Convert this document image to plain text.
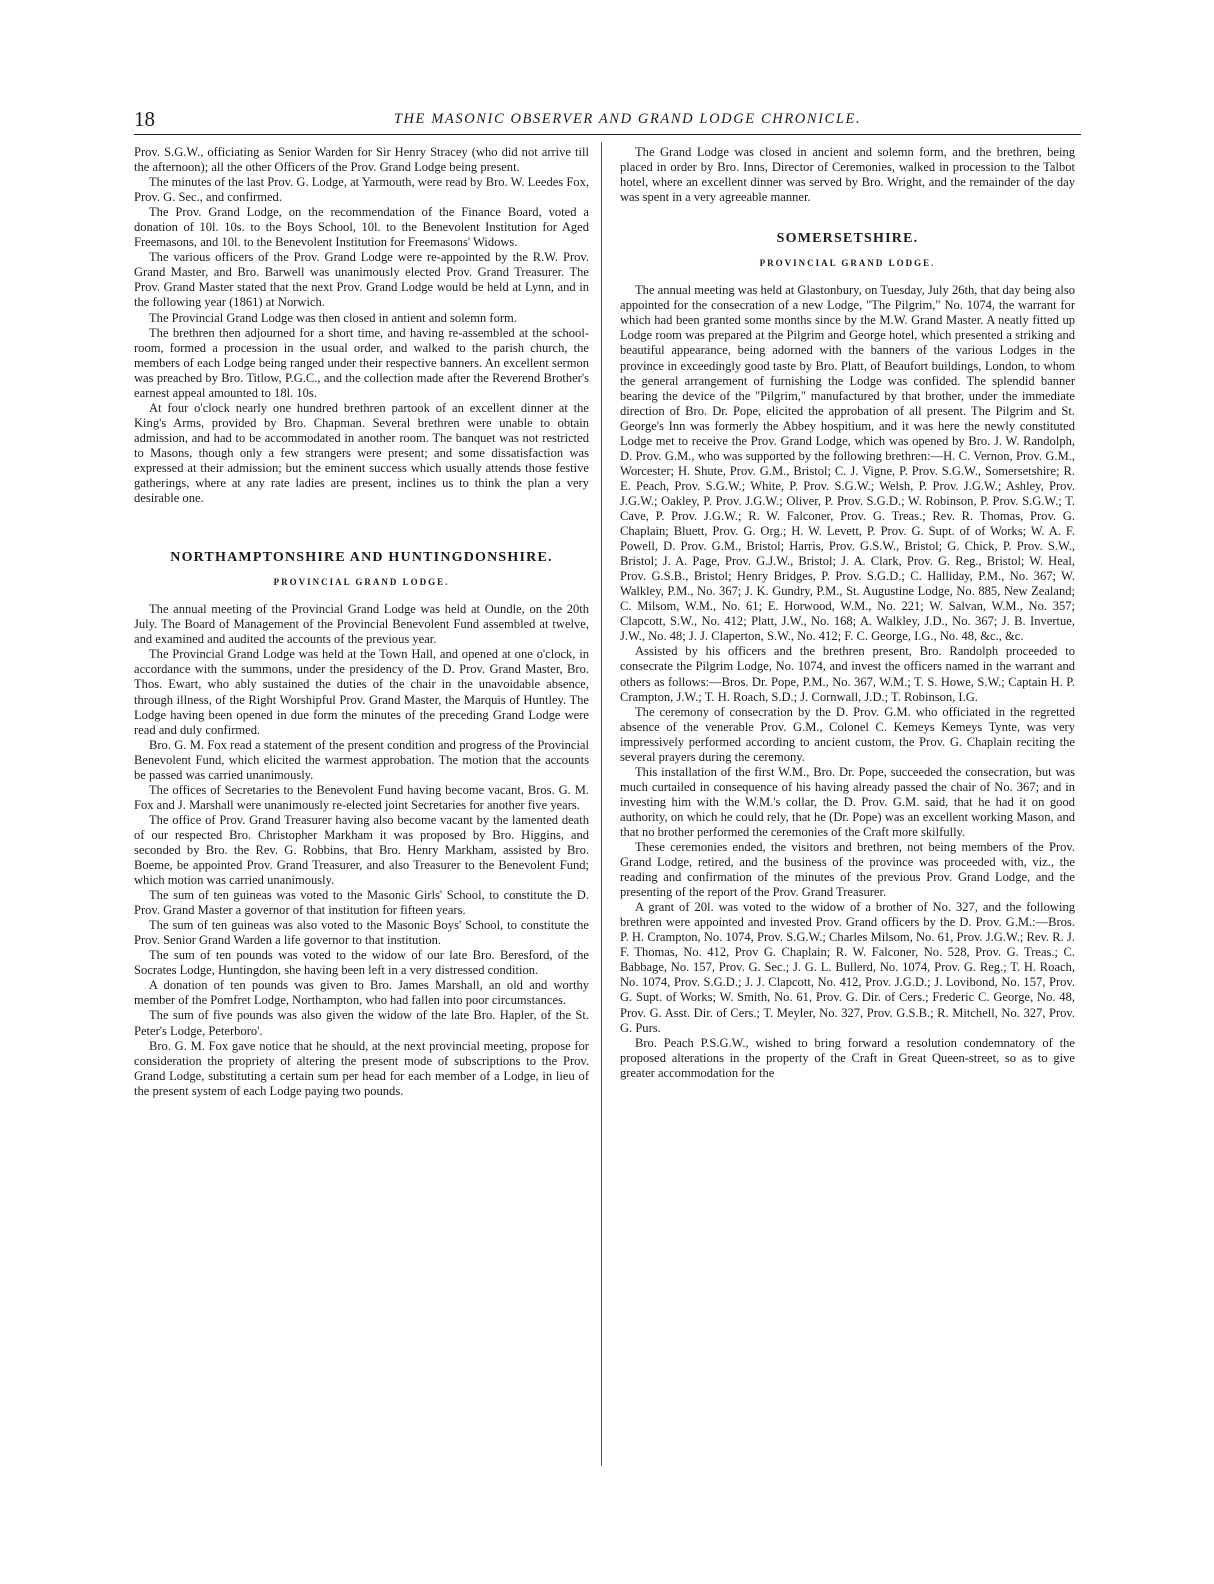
18	THE MASONIC OBSERVER AND GRAND LODGE CHRONICLE.

Prov. S.G.W., officiating as Senior Warden for Sir Henry Stracey (who did not arrive till the afternoon); all the other Officers of the Prov. Grand Lodge being present.

The minutes of the last Prov. G. Lodge, at Yarmouth, were read by Bro. W. Leedes Fox, Prov. G. Sec., and confirmed.

The Prov. Grand Lodge, on the recommendation of the Finance Board, voted a donation of 10l. 10s. to the Boys School, 10l. to the Benevolent Institution for Aged Freemasons, and 10l. to the Benevolent Institution for Freemasons' Widows.

The various officers of the Prov. Grand Lodge were re-appointed by the R.W. Prov. Grand Master, and Bro. Barwell was unanimously elected Prov. Grand Treasurer. The Prov. Grand Master stated that the next Prov. Grand Lodge would be held at Lynn, and in the following year (1861) at Norwich.

The Provincial Grand Lodge was then closed in antient and solemn form.

The brethren then adjourned for a short time, and having re-assembled at the school-room, formed a procession in the usual order, and walked to the parish church, the members of each Lodge being ranged under their respective banners. An excellent sermon was preached by Bro. Titlow, P.G.C., and the collection made after the Reverend Brother's earnest appeal amounted to 18l. 10s.

At four o'clock nearly one hundred brethren partook of an excellent dinner at the King's Arms, provided by Bro. Chapman. Several brethren were unable to obtain admission, and had to be accommodated in another room. The banquet was not restricted to Masons, though only a few strangers were present; and some dissatisfaction was expressed at their admission; but the eminent success which usually attends those festive gatherings, where at any rate ladies are present, inclines us to think the plan a very desirable one.

NORTHAMPTONSHIRE AND HUNTINGDONSHIRE.
PROVINCIAL GRAND LODGE.

The annual meeting of the Provincial Grand Lodge was held at Oundle, on the 20th July. The Board of Management of the Provincial Benevolent Fund assembled at twelve, and examined and audited the accounts of the previous year.

The Provincial Grand Lodge was held at the Town Hall, and opened at one o'clock, in accordance with the summons, under the presidency of the D. Prov. Grand Master, Bro. Thos. Ewart, who ably sustained the duties of the chair in the unavoidable absence, through illness, of the Right Worshipful Prov. Grand Master, the Marquis of Huntley. The Lodge having been opened in due form the minutes of the preceding Grand Lodge were read and duly confirmed.

Bro. G. M. Fox read a statement of the present condition and progress of the Provincial Benevolent Fund, which elicited the warmest approbation. The motion that the accounts be passed was carried unanimously.

The offices of Secretaries to the Benevolent Fund having become vacant, Bros. G. M. Fox and J. Marshall were unanimously re-elected joint Secretaries for another five years.

The office of Prov. Grand Treasurer having also become vacant by the lamented death of our respected Bro. Christopher Markham it was proposed by Bro. Higgins, and seconded by Bro. the Rev. G. Robbins, that Bro. Henry Markham, assisted by Bro. Boeme, be appointed Prov. Grand Treasurer, and also Treasurer to the Benevolent Fund; which motion was carried unanimously.

The sum of ten guineas was voted to the Masonic Girls' School, to constitute the D. Prov. Grand Master a governor of that institution for fifteen years.

The sum of ten guineas was also voted to the Masonic Boys' School, to constitute the Prov. Senior Grand Warden a life governor to that institution.

The sum of ten pounds was voted to the widow of our late Bro. Beresford, of the Socrates Lodge, Huntingdon, she having been left in a very distressed condition.

A donation of ten pounds was given to Bro. James Marshall, an old and worthy member of the Pomfret Lodge, Northampton, who had fallen into poor circumstances.

The sum of five pounds was also given the widow of the late Bro. Hapler, of the St. Peter's Lodge, Peterboro'.

Bro. G. M. Fox gave notice that he should, at the next provincial meeting, propose for consideration the propriety of altering the present mode of subscriptions to the Prov. Grand Lodge, substituting a certain sum per head for each member of a Lodge, in lieu of the present system of each Lodge paying two pounds.

The Grand Lodge was closed in ancient and solemn form, and the brethren, being placed in order by Bro. Inns, Director of Ceremonies, walked in procession to the Talbot hotel, where an excellent dinner was served by Bro. Wright, and the remainder of the day was spent in a very agreeable manner.

SOMERSETSHIRE.
PROVINCIAL GRAND LODGE.

The annual meeting was held at Glastonbury, on Tuesday, July 26th, that day being also appointed for the consecration of a new Lodge, "The Pilgrim," No. 1074, the warrant for which had been granted some months since by the M.W. Grand Master. A neatly fitted up Lodge room was prepared at the Pilgrim and George hotel, which presented a striking and beautiful appearance, being adorned with the banners of the various Lodges in the province in exceedingly good taste by Bro. Platt, of Beaufort buildings, London, to whom the general arrangement of furnishing the Lodge was confided. The splendid banner bearing the device of the "Pilgrim," manufactured by that brother, under the immediate direction of Bro. Dr. Pope, elicited the approbation of all present. The Pilgrim and St. George's Inn was formerly the Abbey hospitium, and it was here the newly constituted Lodge met to receive the Prov. Grand Lodge, which was opened by Bro. J. W. Randolph, D. Prov. G.M., who was supported by the following brethren:—H. C. Vernon, Prov. G.M., Worcester; H. Shute, Prov. G.M., Bristol; C. J. Vigne, P. Prov. S.G.W., Somersetshire; R. E. Peach, Prov. S.G.W.; White, P. Prov. S.G.W.; Welsh, P. Prov. J.G.W.; Ashley, Prov. J.G.W.; Oakley, P. Prov. J.G.W.; Oliver, P. Prov. S.G.D.; W. Robinson, P. Prov. S.G.W.; T. Cave, P. Prov. J.G.W.; R. W. Falconer, Prov. G. Treas.; Rev. R. Thomas, Prov. G. Chaplain; Bluett, Prov. G. Org.; H. W. Levett, P. Prov. G. Supt. of of Works; W. A. F. Powell, D. Prov. G.M., Bristol; Harris, Prov. G.S.W., Bristol; G. Chick, P. Prov. S.W., Bristol; J. A. Page, Prov. G.J.W., Bristol; J. A. Clark, Prov. G. Reg., Bristol; W. Heal, Prov. G.S.B., Bristol; Henry Bridges, P. Prov. S.G.D.; C. Halliday, P.M., No. 367; W. Walkley, P.M., No. 367; J. K. Gundry, P.M., St. Augustine Lodge, No. 885, New Zealand; C. Milsom, W.M., No. 61; E. Horwood, W.M., No. 221; W. Salvan, W.M., No. 357; Clapcott, S.W., No. 412; Platt, J.W., No. 168; A. Walkley, J.D., No. 367; J. B. Invertue, J.W., No. 48; J. J. Claperton, S.W., No. 412; F. C. George, I.G., No. 48, &c., &c.

Assisted by his officers and the brethren present, Bro. Randolph proceeded to consecrate the Pilgrim Lodge, No. 1074, and invest the officers named in the warrant and others as follows:—Bros. Dr. Pope, P.M., No. 367, W.M.; T. S. Howe, S.W.; Captain H. P. Crampton, J.W.; T. H. Roach, S.D.; J. Cornwall, J.D.; T. Robinson, I.G.

The ceremony of consecration by the D. Prov. G.M. who officiated in the regretted absence of the venerable Prov. G.M., Colonel C. Kemeys Kemeys Tynte, was very impressively performed according to ancient custom, the Prov. G. Chaplain reciting the several prayers during the ceremony.

This installation of the first W.M., Bro. Dr. Pope, succeeded the consecration, but was much curtailed in consequence of his having already passed the chair of No. 367; and in investing him with the W.M.'s collar, the D. Prov. G.M. said, that he had it on good authority, on which he could rely, that he (Dr. Pope) was an excellent working Mason, and that no brother performed the ceremonies of the Craft more skilfully.

These ceremonies ended, the visitors and brethren, not being members of the Prov. Grand Lodge, retired, and the business of the province was proceeded with, viz., the reading and confirmation of the minutes of the previous Prov. Grand Lodge, and the presenting of the report of the Prov. Grand Treasurer.

A grant of 20l. was voted to the widow of a brother of No. 327, and the following brethren were appointed and invested Prov. Grand officers by the D. Prov. G.M.:—Bros. P. H. Crampton, No. 1074, Prov. S.G.W.; Charles Milsom, No. 61, Prov. J.G.W.; Rev. R. J. F. Thomas, No. 412, Prov G. Chaplain; R. W. Falconer, No. 528, Prov. G. Treas.; C. Babbage, No. 157, Prov. G. Sec.; J. G. L. Bullerd, No. 1074, Prov. G. Reg.; T. H. Roach, No. 1074, Prov. S.G.D.; J. J. Clapcott, No. 412, Prov. J.G.D.; J. Lovibond, No. 157, Prov. G. Supt. of Works; W. Smith, No. 61, Prov. G. Dir. of Cers.; Frederic C. George, No. 48, Prov. G. Asst. Dir. of Cers.; T. Meyler, No. 327, Prov. G.S.B.; R. Mitchell, No. 327, Prov. G. Purs.

Bro. Peach P.S.G.W., wished to bring forward a resolution condemnatory of the proposed alterations in the property of the Craft in Great Queen-street, so as to give greater accommodation for the
